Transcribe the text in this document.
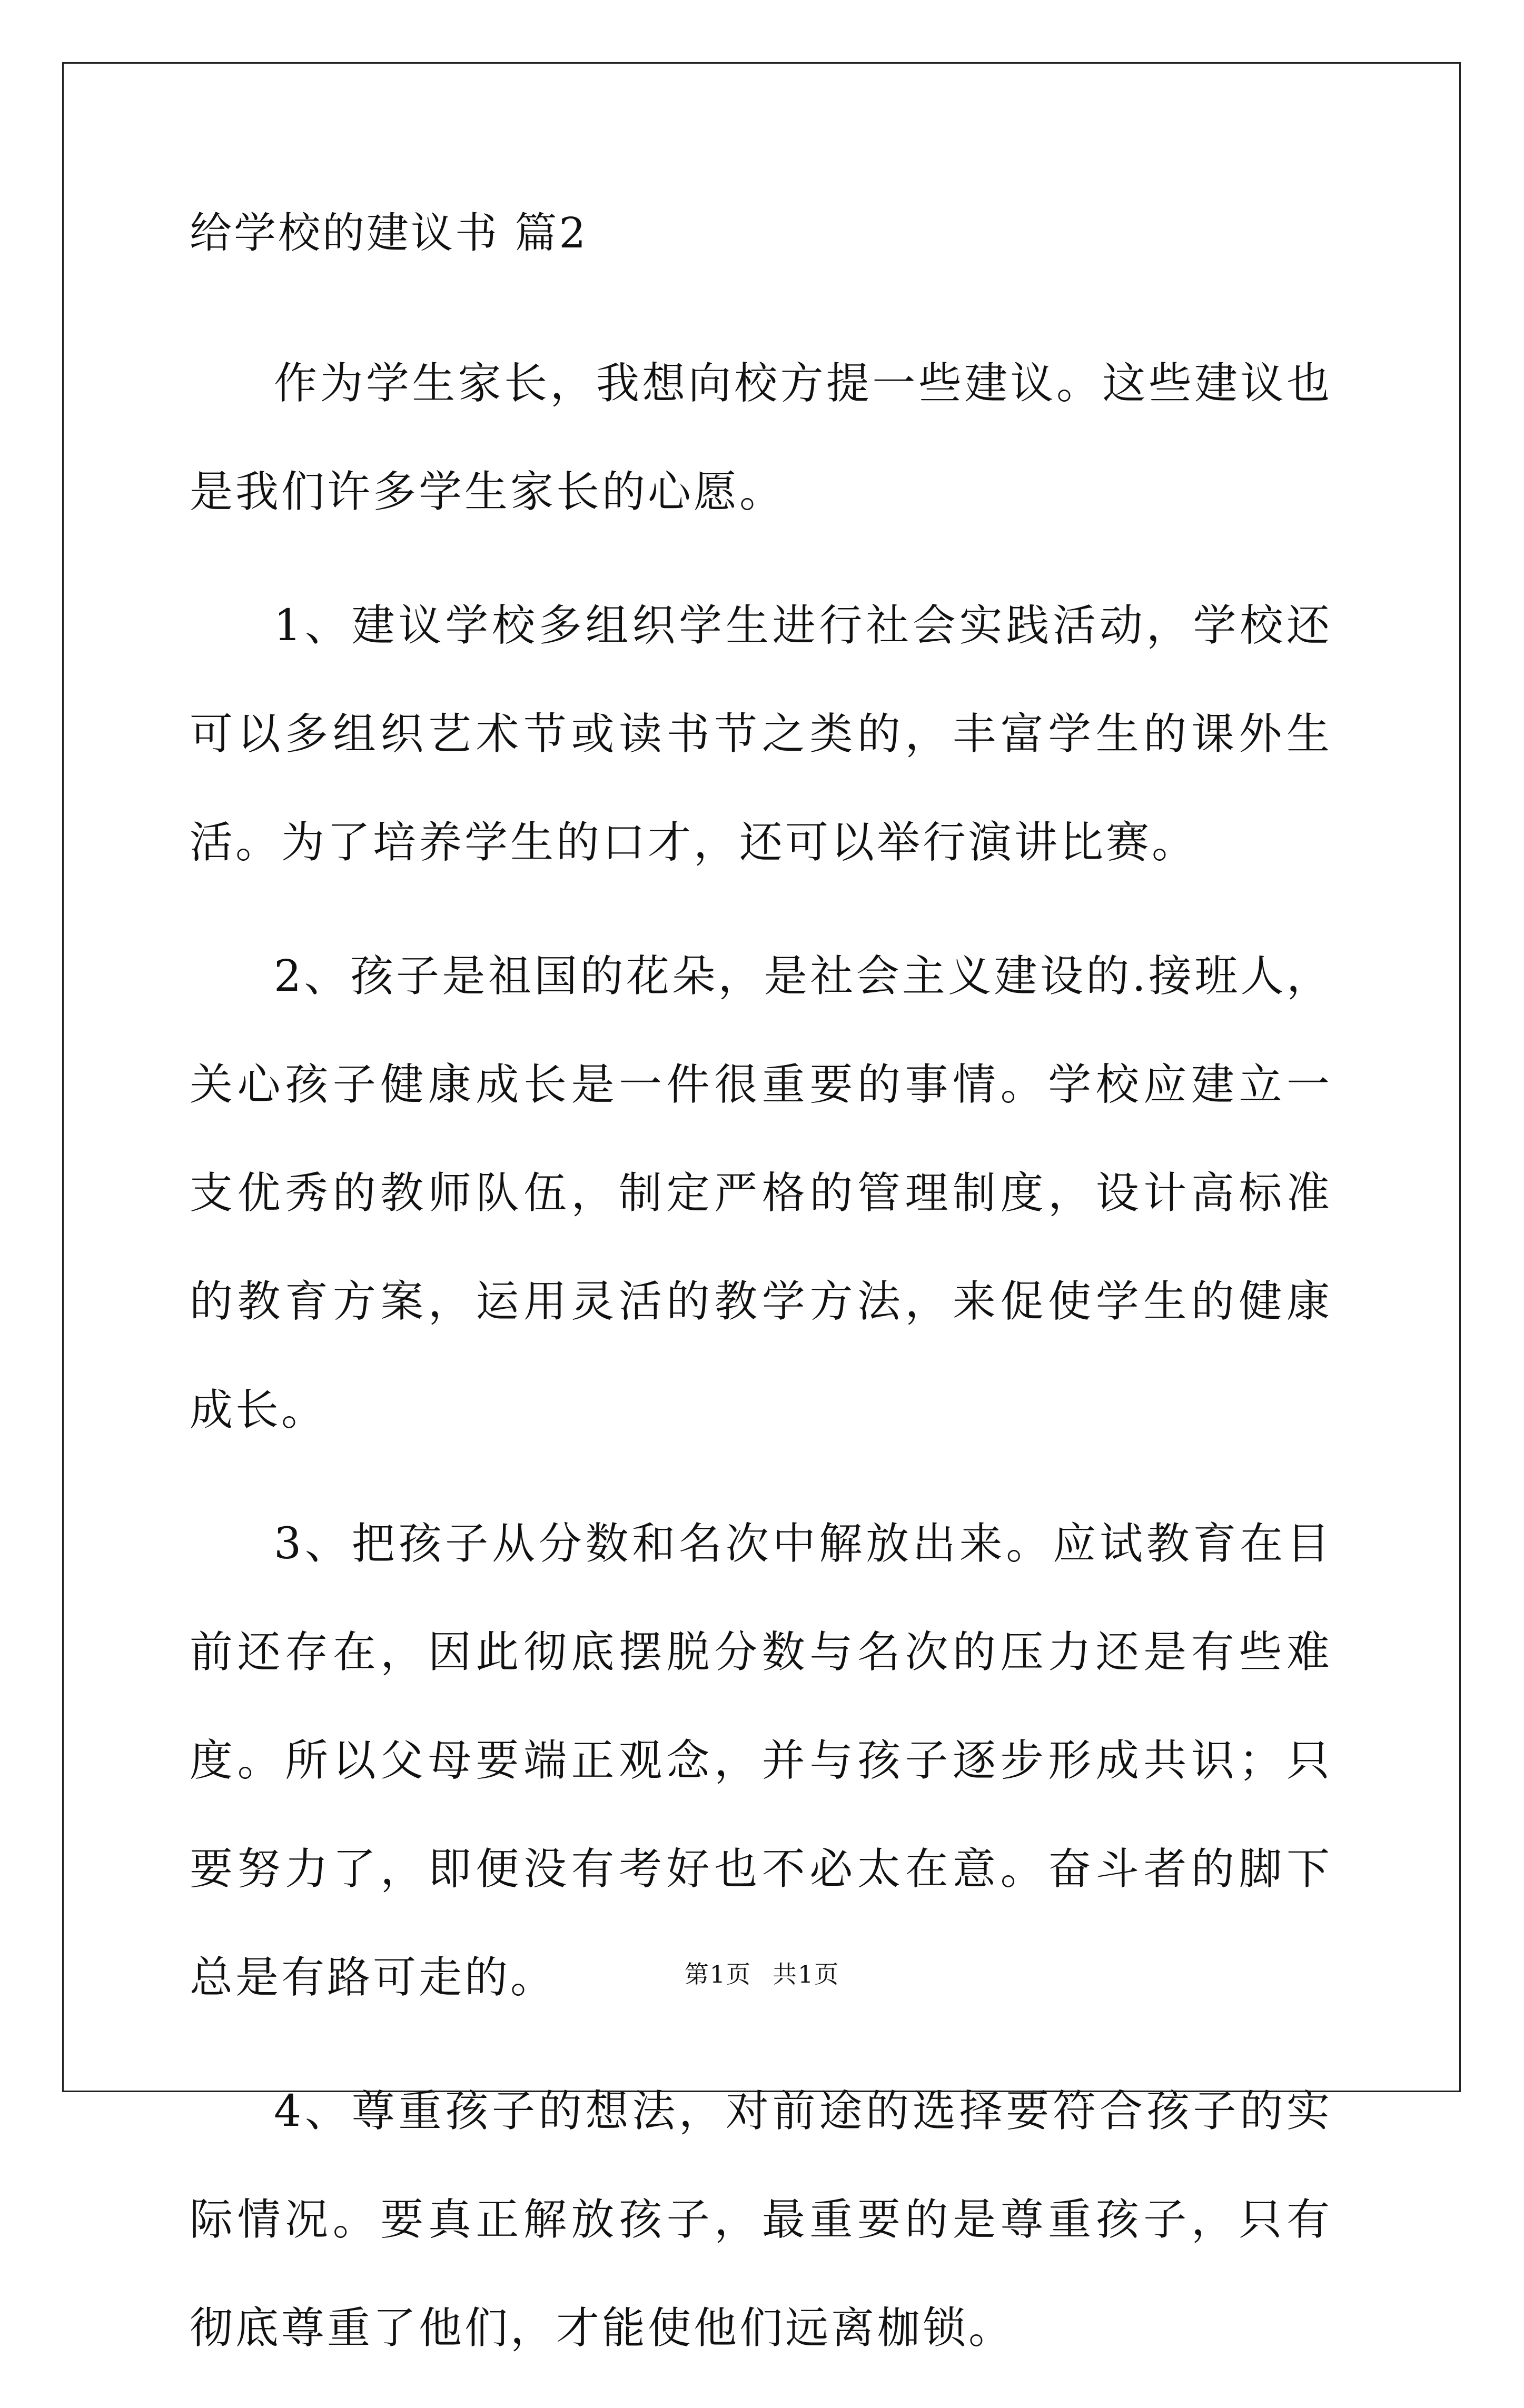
给学校的建议书 篇2

作为学生家长，我想向校方提一些建议。这些建议也是我们许多学生家长的心愿。

1、建议学校多组织学生进行社会实践活动，学校还可以多组织艺术节或读书节之类的，丰富学生的课外生活。为了培养学生的口才，还可以举行演讲比赛。

2、孩子是祖国的花朵，是社会主义建设的.接班人，关心孩子健康成长是一件很重要的事情。学校应建立一支优秀的教师队伍，制定严格的管理制度，设计高标准的教育方案，运用灵活的教学方法，来促使学生的健康成长。

3、把孩子从分数和名次中解放出来。应试教育在目前还存在，因此彻底摆脱分数与名次的压力还是有些难度。所以父母要端正观念，并与孩子逐步形成共识；只要努力了，即便没有考好也不必太在意。奋斗者的脚下总是有路可走的。

4、尊重孩子的想法，对前途的选择要符合孩子的实际情况。要真正解放孩子，最重要的是尊重孩子，只有彻底尊重了他们，才能使他们远离枷锁。

第1页 共1页
